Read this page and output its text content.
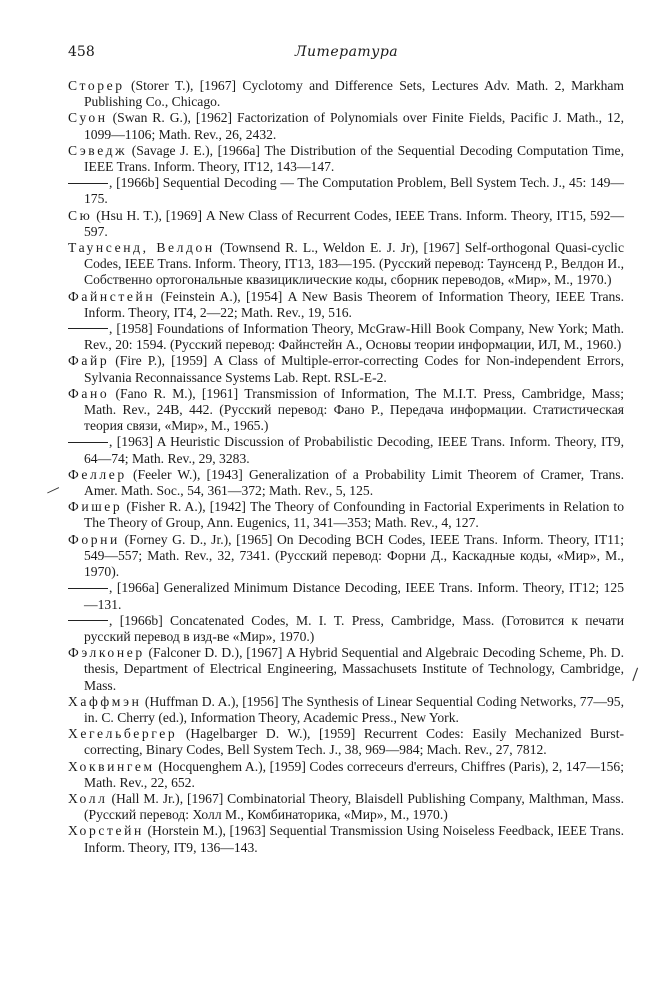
458	Литература

Сторер (Storer T.), [1967] Cyclotomy and Difference Sets, Lectures Adv. Math. 2, Markham Publishing Co., Chicago.

Суон (Swan R. G.), [1962] Factorization of Polynomials over Finite Fields, Pacific J. Math., 12, 1099—1106; Math. Rev., 26, 2432.

Сэведж (Savage J. E.), [1966a] The Distribution of the Sequential Decoding Computation Time, IEEE Trans. Inform. Theory, IT12, 143—147.

, [1966b] Sequential Decoding — The Computation Problem, Bell System Tech. J., 45: 149—175.

Сю (Hsu H. T.), [1969] A New Class of Recurrent Codes, IEEE Trans. Inform. Theory, IT15, 592—597.

Таунсенд, Велдон (Townsend R. L., Weldon E. J. Jr), [1967] Self-orthogonal Quasi-cyclic Codes, IEEE Trans. Inform. Theory, IT13, 183—195. (Русский перевод: Таунсенд Р., Велдон И., Собственно ортогональные квазициклические коды, сборник переводов, «Мир», М., 1970.)

Файнстейн (Feinstein A.), [1954] A New Basis Theorem of Information Theory, IEEE Trans. Inform. Theory, IT4, 2—22; Math. Rev., 19, 516.

, [1958] Foundations of Information Theory, McGraw-Hill Book Company, New York; Math. Rev., 20: 1594. (Русский перевод: Файнстейн А., Основы теории информации, ИЛ, М., 1960.)

Файр (Fire P.), [1959] A Class of Multiple-error-correcting Codes for Non-independent Errors, Sylvania Reconnaissance Systems Lab. Rept. RSL-E-2.

Фано (Fano R. M.), [1961] Transmission of Information, The M.I.T. Press, Cambridge, Mass; Math. Rev., 24B, 442. (Русский перевод: Фано Р., Передача информации. Статистическая теория связи, «Мир», М., 1965.)

, [1963] A Heuristic Discussion of Probabilistic Decoding, IEEE Trans. Inform. Theory, IT9, 64—74; Math. Rev., 29, 3283.

Феллер (Feeler W.), [1943] Generalization of a Probability Limit Theorem of Cramer, Trans. Amer. Math. Soc., 54, 361—372; Math. Rev., 5, 125.

Фишер (Fisher R. A.), [1942] The Theory of Confounding in Factorial Experiments in Relation to The Theory of Group, Ann. Eugenics, 11, 341—353; Math. Rev., 4, 127.

Форни (Forney G. D., Jr.), [1965] On Decoding BCH Codes, IEEE Trans. Inform. Theory, IT11; 549—557; Math. Rev., 32, 7341. (Русский перевод: Форни Д., Каскадные коды, «Мир», М., 1970).

, [1966a] Generalized Minimum Distance Decoding, IEEE Trans. Inform. Theory, IT12; 125—131.

, [1966b] Concatenated Codes, M. I. T. Press, Cambridge, Mass. (Готовится к печати русский перевод в изд-ве «Мир», 1970.)

Фэлконер (Falconer D. D.), [1967] A Hybrid Sequential and Algebraic Decoding Scheme, Ph. D. thesis, Department of Electrical Engineering, Massachusets Institute of Technology, Cambridge, Mass.

Хаффмэн (Huffman D. A.), [1956] The Synthesis of Linear Sequential Coding Networks, 77—95, in. C. Cherry (ed.), Information Theory, Academic Press., New York.

Хегельбергер (Hagelbarger D. W.), [1959] Recurrent Codes: Easily Mechanized Burst-correcting, Binary Codes, Bell System Tech. J., 38, 969—984; Mach. Rev., 27, 7812.

Хоквингем (Hocquenghem A.), [1959] Codes correceurs d'erreurs, Chiffres (Paris), 2, 147—156; Math. Rev., 22, 652.

Холл (Hall M. Jr.), [1967] Combinatorial Theory, Blaisdell Publishing Company, Malthman, Mass. (Русский перевод: Холл М., Комбинаторика, «Мир», М., 1970.)

Хорстейн (Horstein M.), [1963] Sequential Transmission Using Noiseless Feedback, IEEE Trans. Inform. Theory, IT9, 136—143.

—
|
